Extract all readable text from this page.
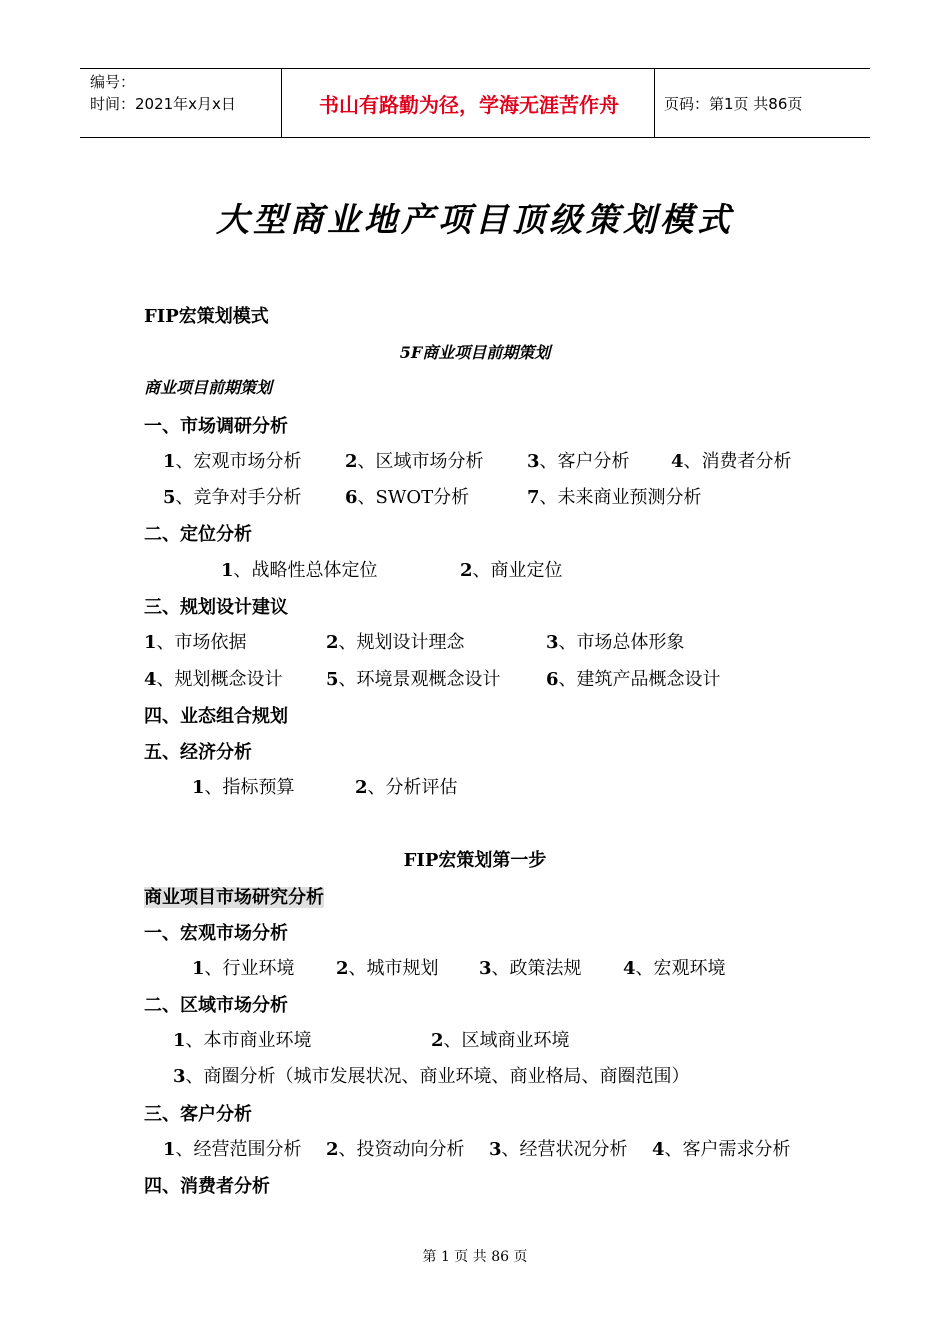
编号：
时间：2021年x月x日	书山有路勤为径，学海无涯苦作舟	页码：第1页 共86页
大型商业地产项目顶级策划模式
FIP宏策划模式
5F商业项目前期策划
商业项目前期策划
一、市场调研分析
1、宏观市场分析 2、区域市场分析 3、客户分析 4、消费者分析
5、竞争对手分析 6、SWOT分析	7、未来商业预测分析
二、定位分析
1、战略性总体定位	2、商业定位
三、规划设计建议
1、市场依据	2、规划设计理念	3、市场总体形象
4、规划概念设计 5、环境景观概念设计	6、建筑产品概念设计
四、业态组合规划
五、经济分析
1、指标预算	2、分析评估
FIP宏策划第一步
商业项目市场研究分析
一、宏观市场分析
1、行业环境 2、城市规划 3、政策法规 4、宏观环境
二、区域市场分析
1、本市商业环境	2、区域商业环境
3、商圈分析（城市发展状况、商业环境、商业格局、商圈范围）
三、客户分析
1、经营范围分析 2、投资动向分析 3、经营状况分析 4、客户需求分析
四、消费者分析
第 1 页 共 86 页
